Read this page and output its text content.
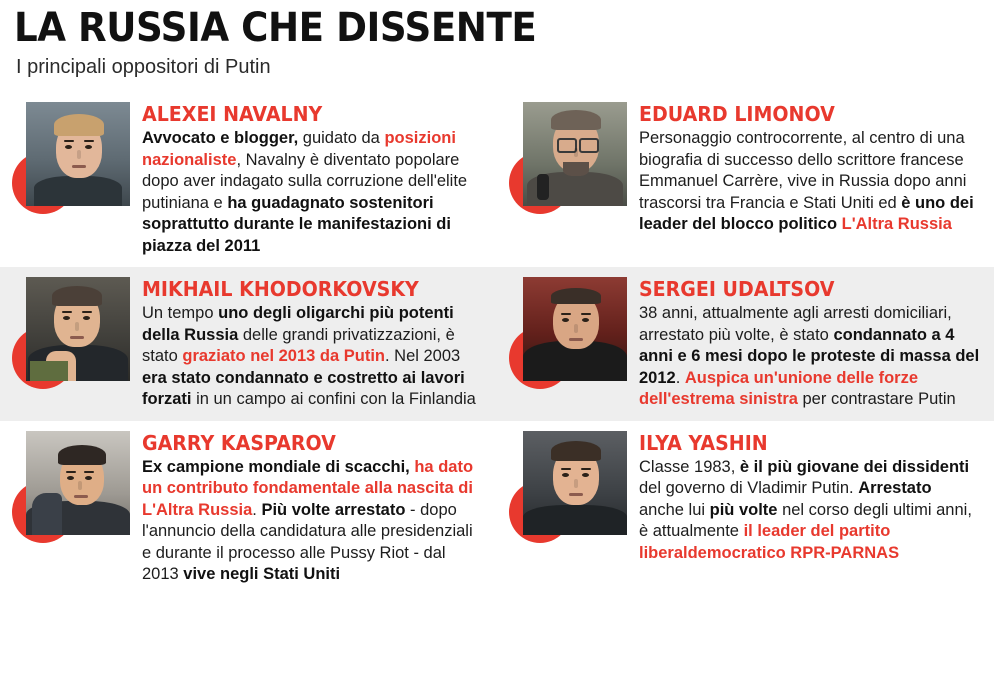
LA RUSSIA CHE DISSENTE
I principali oppositori di Putin
ALEXEI NAVALNY
Avvocato e blogger, guidato da posizioni nazionaliste, Navalny è diventato popolare dopo aver indagato sulla corruzione dell'elite putiniana e ha guadagnato sostenitori soprattutto durante le manifestazioni di piazza del 2011
EDUARD LIMONOV
Personaggio controcorrente, al centro di una biografia di successo dello scrittore francese Emmanuel Carrère, vive in Russia dopo anni trascorsi tra Francia e Stati Uniti ed è uno dei leader del blocco politico L'Altra Russia
MIKHAIL KHODORKOVSKY
Un tempo uno degli oligarchi più potenti della Russia delle grandi privatizzazioni, è stato graziato nel 2013 da Putin. Nel 2003 era stato condannato e costretto ai lavori forzati in un campo ai confini con la Finlandia
SERGEI UDALTSOV
38 anni, attualmente agli arresti domiciliari, arrestato più volte, è stato condannato a 4 anni e 6 mesi dopo le proteste di massa del 2012. Auspica un'unione delle forze dell'estrema sinistra per contrastare Putin
GARRY KASPAROV
Ex campione mondiale di scacchi, ha dato un contributo fondamentale alla nascita di L'Altra Russia. Più volte arrestato - dopo l'annuncio della candidatura alle presidenziali e durante il processo alle Pussy Riot - dal 2013 vive negli Stati Uniti
ILYA YASHIN
Classe 1983, è il più giovane dei dissidenti del governo di Vladimir Putin. Arrestato anche lui più volte nel corso degli ultimi anni, è attualmente il leader del partito liberaldemocratico RPR-PARNAS
